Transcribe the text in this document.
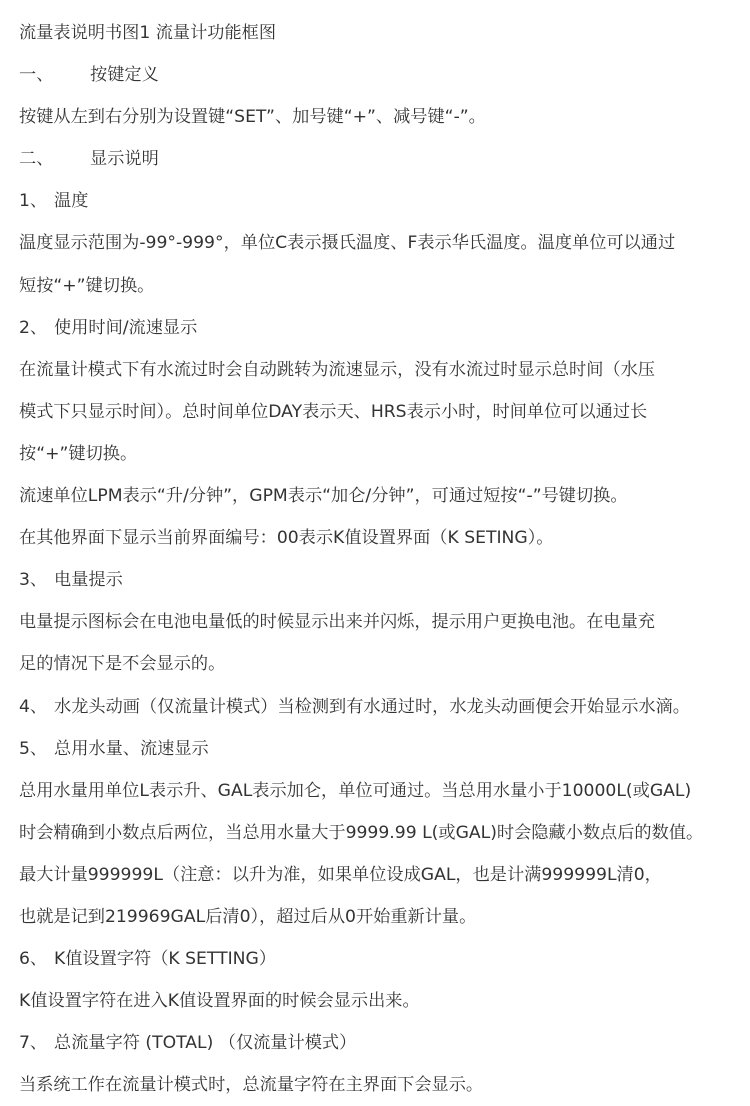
流量表说明书图1 流量计功能框图
一、 按键定义
按键从左到右分别为设置键“SET”、加号键“+”、减号键“-”。
二、 显示说明
1、 温度
温度显示范围为-99°-999°，单位C表示摄氏温度、F表示华氏温度。温度单位可以通过
短按“+”键切换。
2、 使用时间/流速显示
在流量计模式下有水流过时会自动跳转为流速显示，没有水流过时显示总时间（水压
模式下只显示时间）。总时间单位DAY表示天、HRS表示小时，时间单位可以通过长
按“+”键切换。
流速单位LPM表示“升/分钟”，GPM表示“加仑/分钟”，可通过短按“-”号键切换。
在其他界面下显示当前界面编号：00表示K值设置界面（K SETING）。
3、 电量提示
电量提示图标会在电池电量低的时候显示出来并闪烁，提示用户更换电池。在电量充
足的情况下是不会显示的。
4、 水龙头动画（仅流量计模式）当检测到有水通过时，水龙头动画便会开始显示水滴。
5、 总用水量、流速显示
总用水量用单位L表示升、GAL表示加仑，单位可通过。当总用水量小于10000L(或GAL)
时会精确到小数点后两位，当总用水量大于9999.99 L(或GAL)时会隐藏小数点后的数值。
最大计量999999L（注意：以升为准，如果单位设成GAL，也是计满999999L清0，
也就是记到219969GAL后清0），超过后从0开始重新计量。
6、 K值设置字符（K SETTING）
K值设置字符在进入K值设置界面的时候会显示出来。
7、 总流量字符 (TOTAL) （仅流量计模式）
当系统工作在流量计模式时，总流量字符在主界面下会显示。
